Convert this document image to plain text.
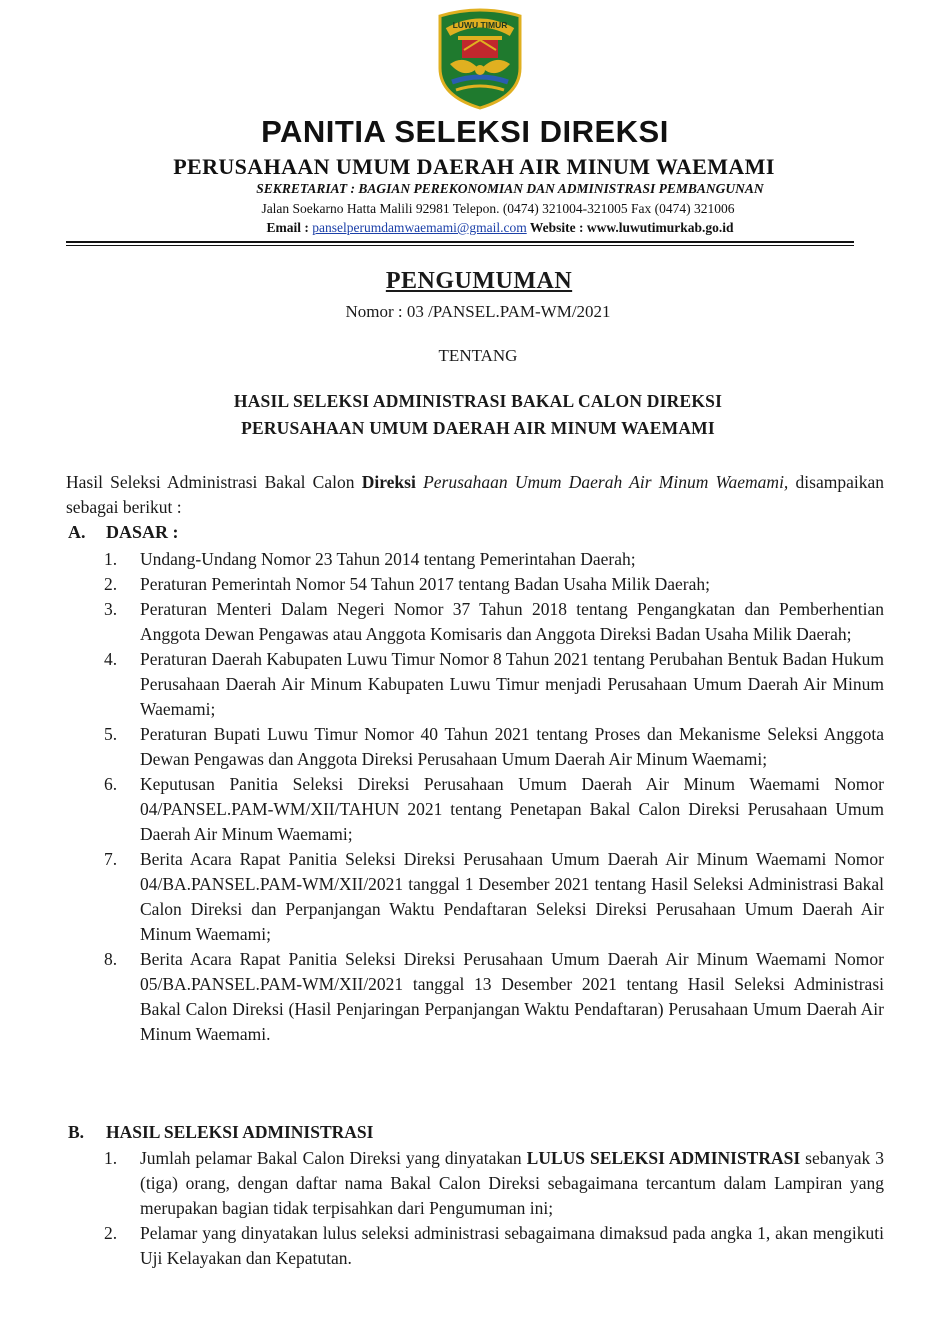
LUWU TIMUR
PANITIA SELEKSI DIREKSI
PERUSAHAAN UMUM DAERAH AIR MINUM WAEMAMI
SEKRETARIAT : BAGIAN PEREKONOMIAN DAN ADMINISTRASI PEMBANGUNAN
Jalan Soekarno Hatta Malili 92981 Telepon. (0474) 321004-321005 Fax (0474) 321006
Email : panselperumdamwaemami@gmail.com Website : www.luwutimurkab.go.id
PENGUMUMAN
Nomor : 03 /PANSEL.PAM-WM/2021
TENTANG
HASIL SELEKSI ADMINISTRASI BAKAL CALON DIREKSI
PERUSAHAAN UMUM DAERAH AIR MINUM WAEMAMI
Hasil Seleksi Administrasi Bakal Calon Direksi Perusahaan Umum Daerah Air Minum Waemami, disampaikan sebagai berikut :
A. DASAR :
1. Undang-Undang Nomor 23 Tahun 2014 tentang Pemerintahan Daerah;
2. Peraturan Pemerintah Nomor 54 Tahun 2017 tentang Badan Usaha Milik Daerah;
3. Peraturan Menteri Dalam Negeri Nomor 37 Tahun 2018 tentang Pengangkatan dan Pemberhentian Anggota Dewan Pengawas atau Anggota Komisaris dan Anggota Direksi Badan Usaha Milik Daerah;
4. Peraturan Daerah Kabupaten Luwu Timur Nomor 8 Tahun 2021 tentang Perubahan Bentuk Badan Hukum Perusahaan Daerah Air Minum Kabupaten Luwu Timur menjadi Perusahaan Umum Daerah Air Minum Waemami;
5. Peraturan Bupati Luwu Timur Nomor 40 Tahun 2021 tentang Proses dan Mekanisme Seleksi Anggota Dewan Pengawas dan Anggota Direksi Perusahaan Umum Daerah Air Minum Waemami;
6. Keputusan Panitia Seleksi Direksi Perusahaan Umum Daerah Air Minum Waemami Nomor 04/PANSEL.PAM-WM/XII/TAHUN 2021 tentang Penetapan Bakal Calon Direksi Perusahaan Umum Daerah Air Minum Waemami;
7. Berita Acara Rapat Panitia Seleksi Direksi Perusahaan Umum Daerah Air Minum Waemami Nomor 04/BA.PANSEL.PAM-WM/XII/2021 tanggal 1 Desember 2021 tentang Hasil Seleksi Administrasi Bakal Calon Direksi dan Perpanjangan Waktu Pendaftaran Seleksi Direksi Perusahaan Umum Daerah Air Minum Waemami;
8. Berita Acara Rapat Panitia Seleksi Direksi Perusahaan Umum Daerah Air Minum Waemami Nomor 05/BA.PANSEL.PAM-WM/XII/2021 tanggal 13 Desember 2021 tentang Hasil Seleksi Administrasi Bakal Calon Direksi (Hasil Penjaringan Perpanjangan Waktu Pendaftaran) Perusahaan Umum Daerah Air Minum Waemami.
B. HASIL SELEKSI ADMINISTRASI
1. Jumlah pelamar Bakal Calon Direksi yang dinyatakan LULUS SELEKSI ADMINISTRASI sebanyak 3 (tiga) orang, dengan daftar nama Bakal Calon Direksi sebagaimana tercantum dalam Lampiran yang merupakan bagian tidak terpisahkan dari Pengumuman ini;
2. Pelamar yang dinyatakan lulus seleksi administrasi sebagaimana dimaksud pada angka 1, akan mengikuti Uji Kelayakan dan Kepatutan.
